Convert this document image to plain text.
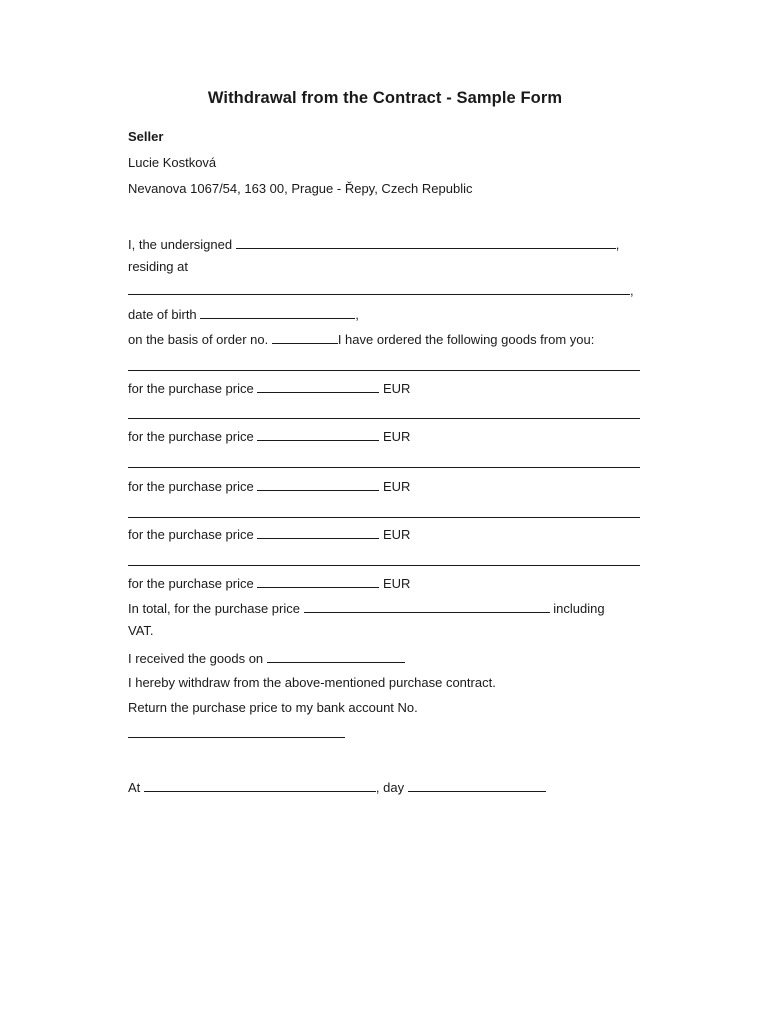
Withdrawal from the Contract - Sample Form
Seller
Lucie Kostková
Nevanova 1067/54, 163 00, Prague - Řepy, Czech Republic
I, the undersigned	,
residing at
,
date of birth	,
on the basis of order no.	I have ordered the following goods from you:
for the purchase price	EUR
for the purchase price	EUR
for the purchase price	EUR
for the purchase price	EUR
for the purchase price	EUR
In total, for the purchase price	including
VAT.
I received the goods on
I hereby withdraw from the above-mentioned purchase contract.
Return the purchase price to my bank account No.
At	, day
